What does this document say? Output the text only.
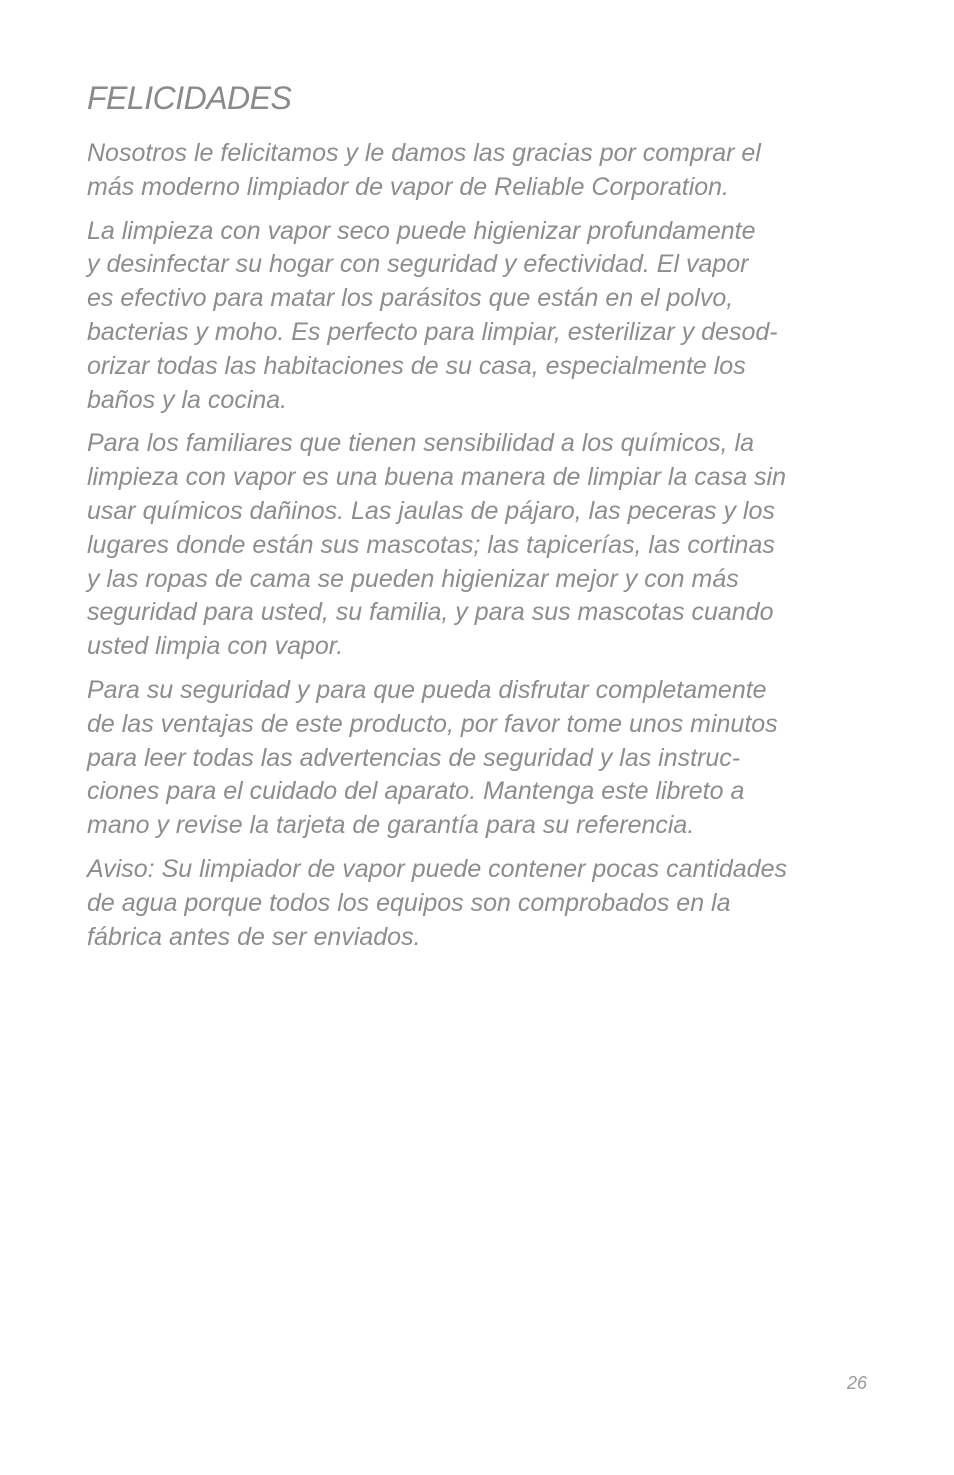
FELICIDADES

Nosotros le felicitamos y le damos las gracias por comprar el
más moderno limpiador de vapor de Reliable Corporation.

La limpieza con vapor seco puede higienizar profundamente
y desinfectar su hogar con seguridad y efectividad. El vapor
es efectivo para matar los parásitos que están en el polvo,
bacterias y moho. Es perfecto para limpiar, esterilizar y desod-
orizar todas las habitaciones de su casa, especialmente los
baños y la cocina.

Para los familiares que tienen sensibilidad a los químicos, la
limpieza con vapor es una buena manera de limpiar la casa sin
usar químicos dañinos. Las jaulas de pájaro, las peceras y los
lugares donde están sus mascotas; las tapicerías, las cortinas
y las ropas de cama se pueden higienizar mejor y con más
seguridad para usted, su familia, y para sus mascotas cuando
usted limpia con vapor.

Para su seguridad y para que pueda disfrutar completamente
de las ventajas de este producto, por favor tome unos minutos
para leer todas las advertencias de seguridad y las instruc-
ciones para el cuidado del aparato. Mantenga este libreto a
mano y revise la tarjeta de garantía para su referencia.

Aviso: Su limpiador de vapor puede contener pocas cantidades
de agua porque todos los equipos son comprobados en la
fábrica antes de ser enviados.

26
